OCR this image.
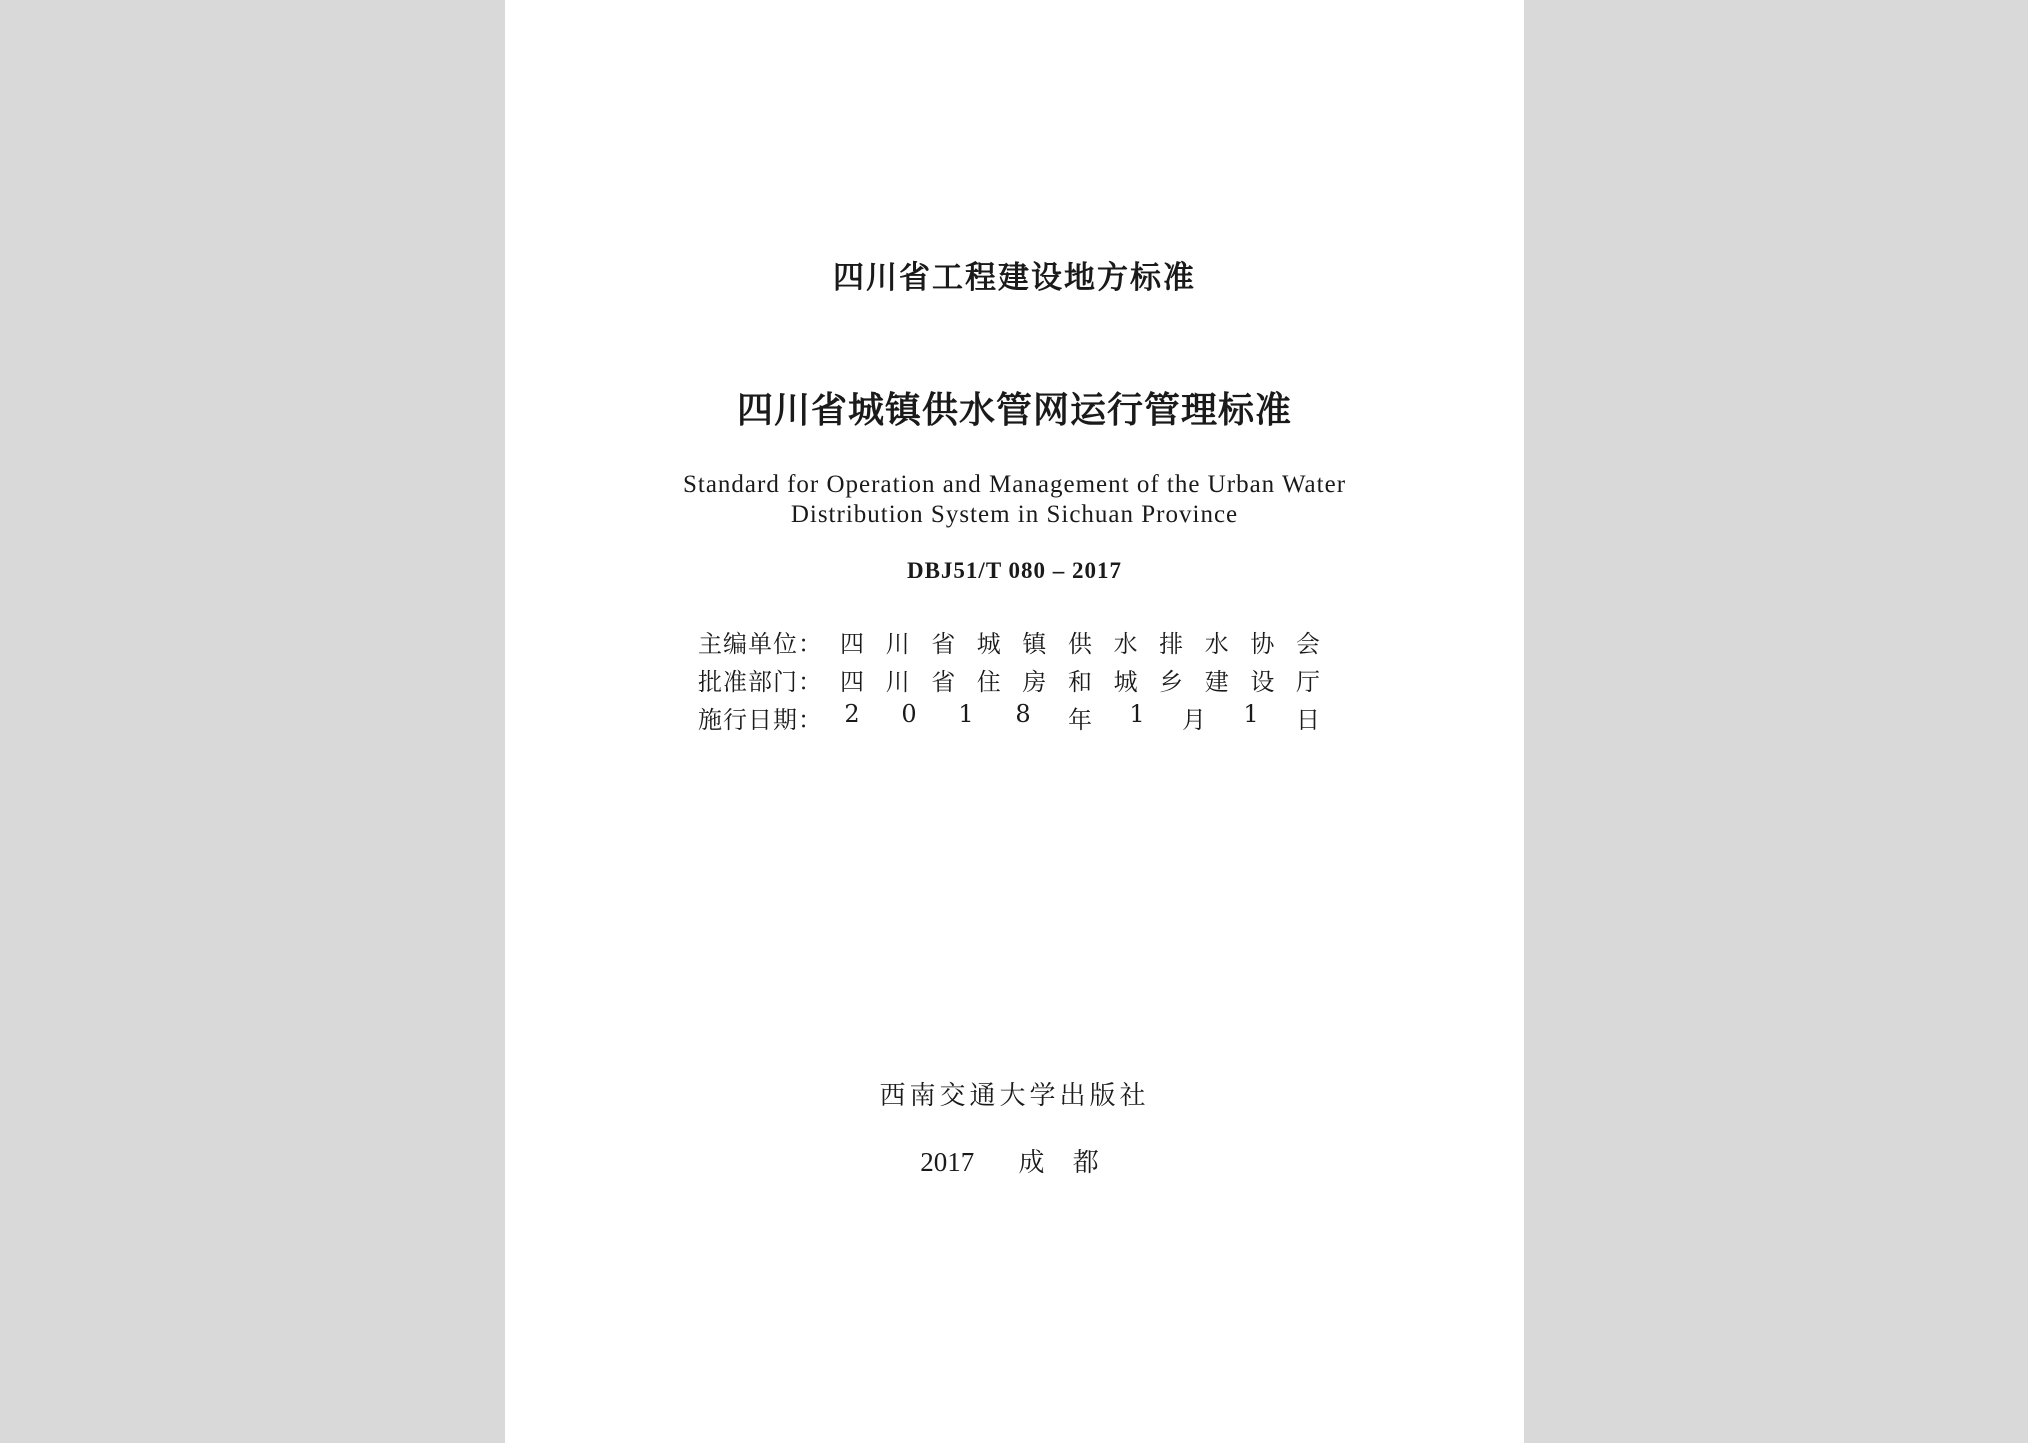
四川省工程建设地方标准
四川省城镇供水管网运行管理标准
Standard for Operation and Management of the Urban Water
Distribution System in Sichuan Province
DBJ51/T 080 – 2017
主编单位： 四 川 省 城 镇 供 水 排 水 协 会
批准部门： 四 川 省 住 房 和 城 乡 建 设 厅
施行日期： 2 0 1 8 年 1 月 1 日
西南交通大学出版社
2017 成 都
